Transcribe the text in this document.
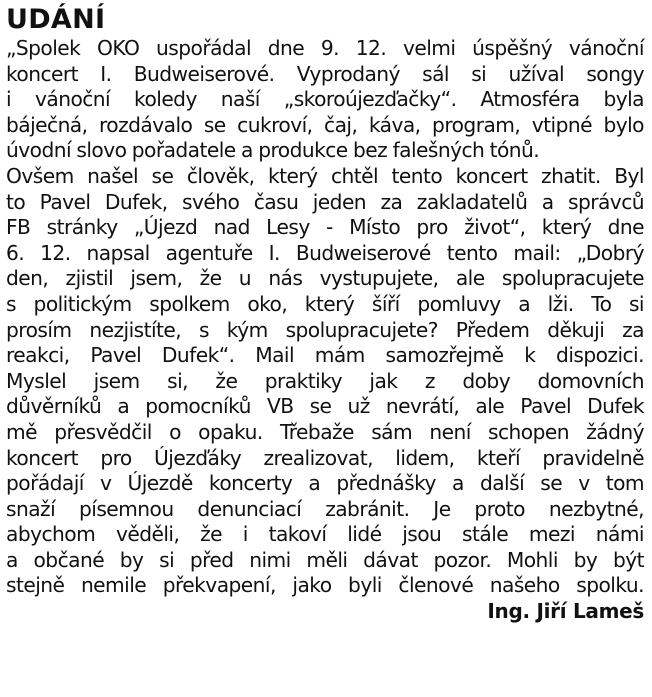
UDÁNÍ
„Spolek OKO uspořádal dne 9. 12. velmi úspěšný vánoční
koncert I. Budweiserové. Vyprodaný sál si užíval songy
i vánoční koledy naší „skoroújezďačky“. Atmosféra byla
báječná, rozdávalo se cukroví, čaj, káva, program, vtipné bylo
úvodní slovo pořadatele a produkce bez falešných tónů.
Ovšem našel se člověk, který chtěl tento koncert zhatit. Byl
to Pavel Dufek, svého času jeden za zakladatelů a správců
FB stránky „Újezd nad Lesy - Místo pro život“, který dne
6. 12. napsal agentuře I. Budweiserové tento mail: „Dobrý
den, zjistil jsem, že u nás vystupujete, ale spolupracujete
s politickým spolkem oko, který šíří pomluvy a lži. To si
prosím nezjistíte, s kým spolupracujete? Předem děkuji za
reakci, Pavel Dufek“. Mail mám samozřejmě k dispozici.
Myslel jsem si, že praktiky jak z doby domovních
důvěrníků a pomocníků VB se už nevrátí, ale Pavel Dufek
mě přesvědčil o opaku. Třebaže sám není schopen žádný
koncert pro Újezďáky zrealizovat, lidem, kteří pravidelně
pořádají v Újezdě koncerty a přednášky a další se v tom
snaží písemnou denunciací zabránit. Je proto nezbytné,
abychom věděli, že i takoví lidé jsou stále mezi námi
a občané by si před nimi měli dávat pozor. Mohli by být
stejně nemile překvapení, jako byli členové našeho spolku.

Ing. Jiří Lameš
